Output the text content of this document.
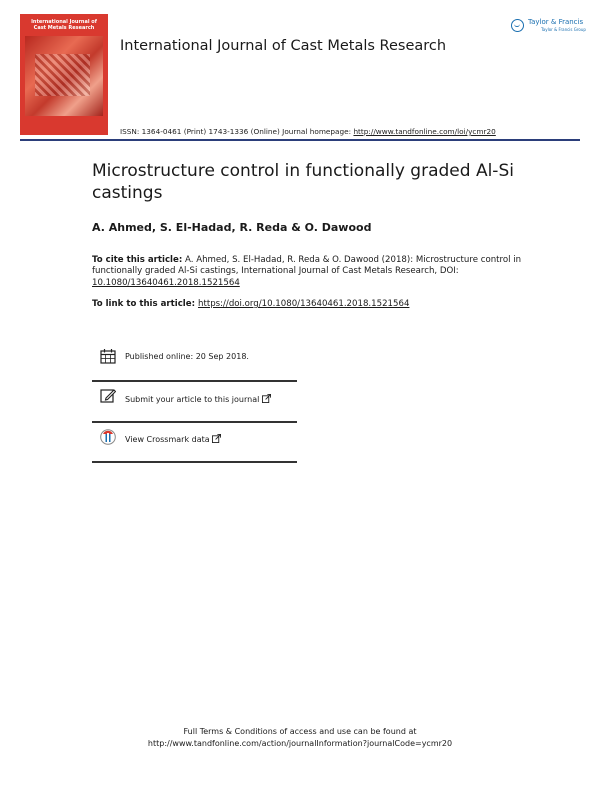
International Journal of
Cast Metals Research
International Journal of Cast Metals Research
ISSN: 1364-0461 (Print) 1743-1336 (Online) Journal homepage: http://www.tandfonline.com/loi/ycmr20
Taylor & Francis
Taylor & Francis Group
Microstructure control in functionally graded Al-Si castings
A. Ahmed, S. El-Hadad, R. Reda & O. Dawood
To cite this article: A. Ahmed, S. El-Hadad, R. Reda & O. Dawood (2018): Microstructure control in functionally graded Al-Si castings, International Journal of Cast Metals Research, DOI: 10.1080/13640461.2018.1521564
To link to this article: https://doi.org/10.1080/13640461.2018.1521564
Published online: 20 Sep 2018.
Submit your article to this journal
View Crossmark data
Full Terms & Conditions of access and use can be found at
http://www.tandfonline.com/action/journalInformation?journalCode=ycmr20
